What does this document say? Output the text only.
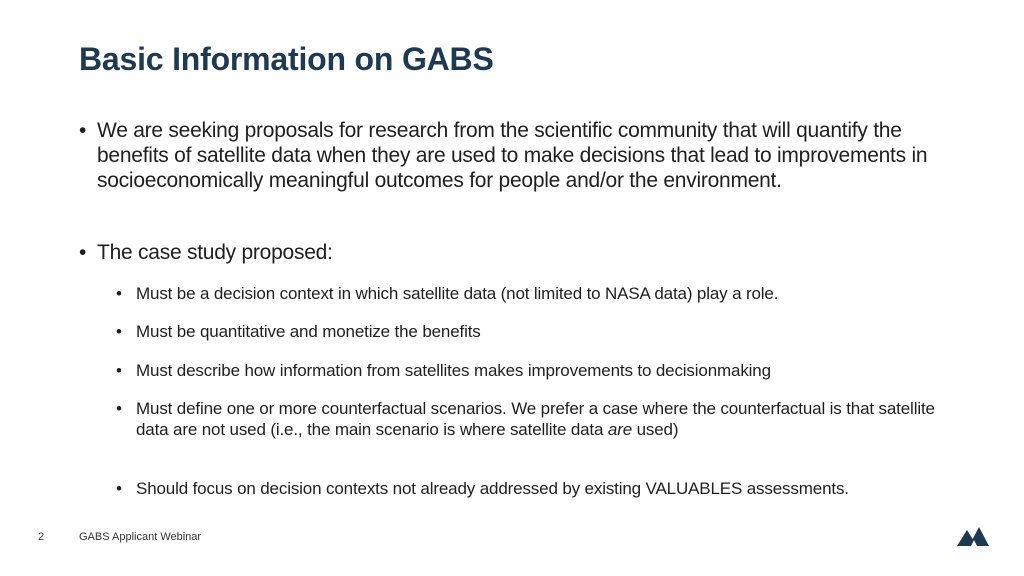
Basic Information on GABS
• We are seeking proposals for research from the scientific community that will quantify the benefits of satellite data when they are used to make decisions that lead to improvements in socioeconomically meaningful outcomes for people and/or the environment.
• The case study proposed:
• Must be a decision context in which satellite data (not limited to NASA data) play a role.
• Must be quantitative and monetize the benefits
• Must describe how information from satellites makes improvements to decisionmaking
• Must define one or more counterfactual scenarios. We prefer a case where the counterfactual is that satellite data are not used (i.e., the main scenario is where satellite data are used)
• Should focus on decision contexts not already addressed by existing VALUABLES assessments.
2	GABS Applicant Webinar
